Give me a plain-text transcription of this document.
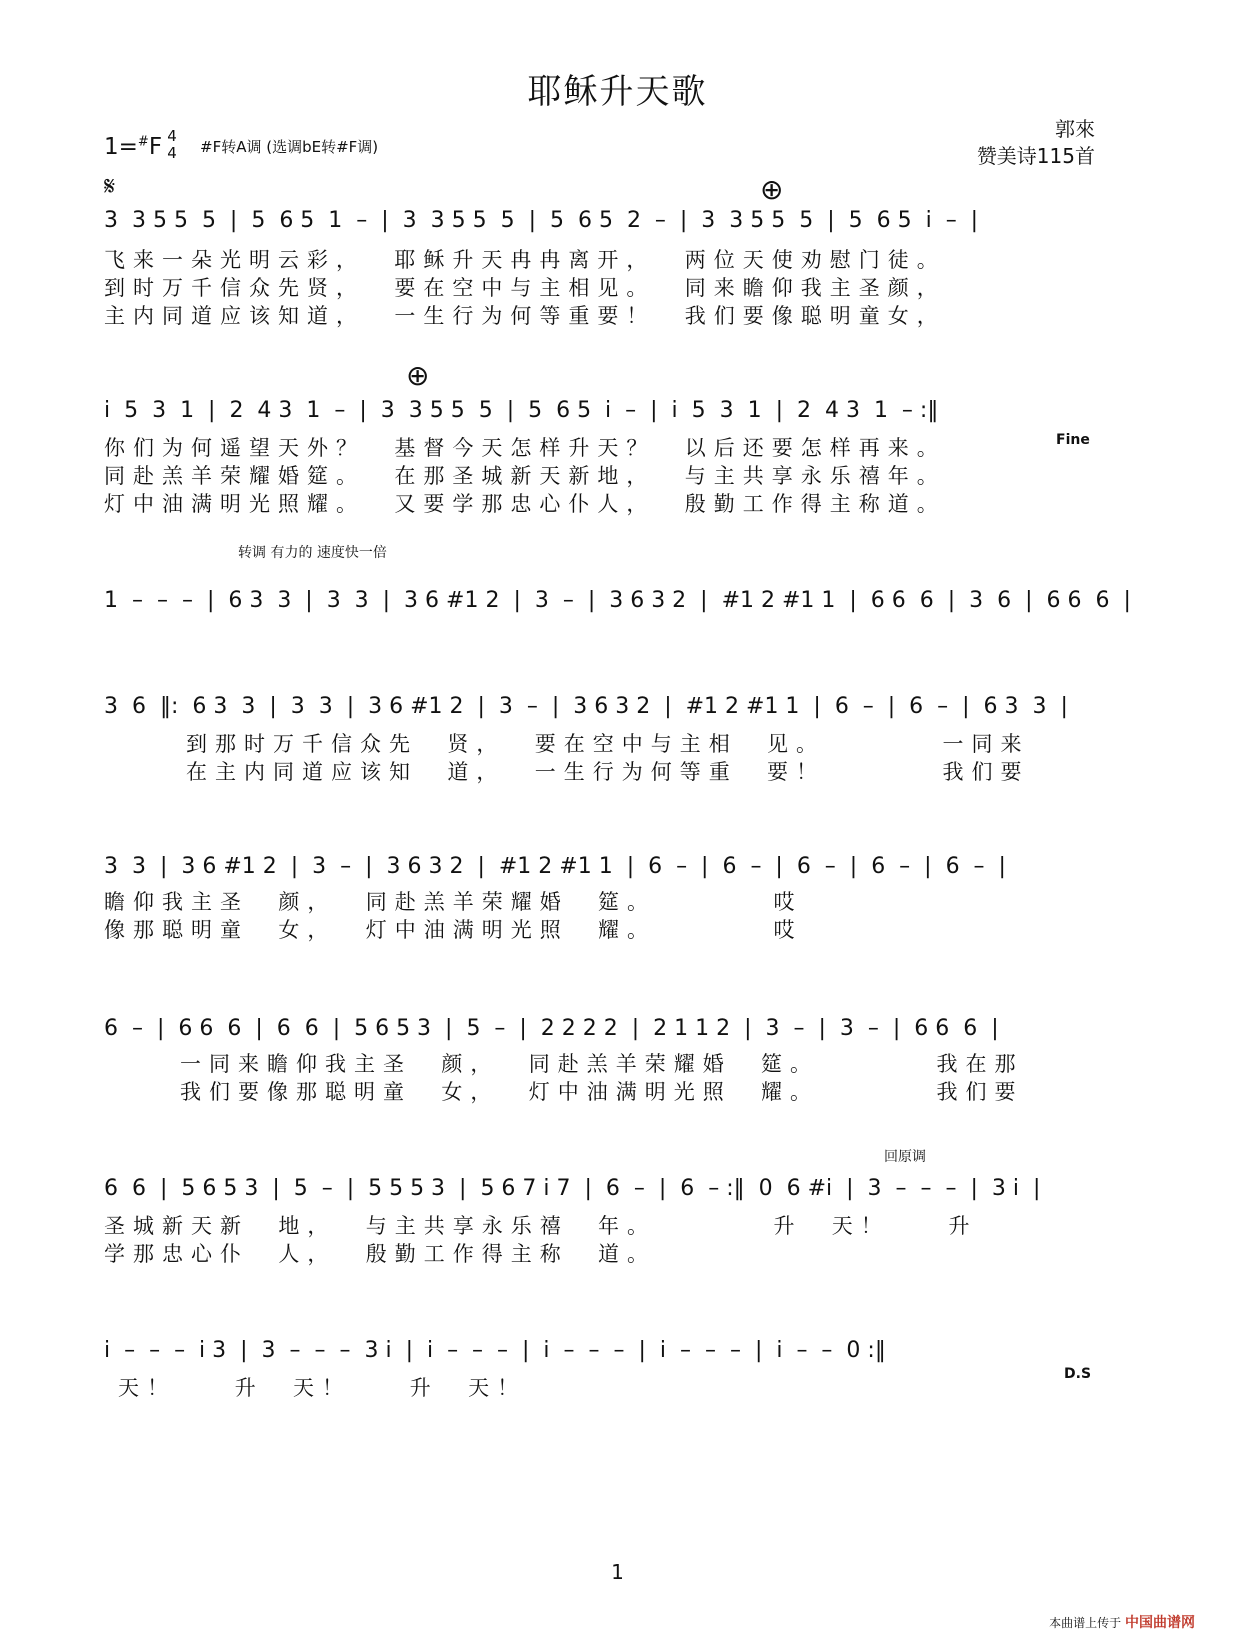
耶稣升天歌
1=#F 4
4 #F转A调 (选调bE转#F调)
郭來
赞美诗115首
𝄋	⊕
⊕
3  3 5 5  5  |  5  6 5  1  –  |  3  3 5 5  5  |  5  6 5  2  –  |  3  3 5 5  5  |  5  6 5  i  –  |
飞来一朵光明云彩，  耶稣升天冉冉离开，  两位天使劝慰门徒。
到时万千信众先贤，  要在空中与主相见。  同来瞻仰我主圣颜，
主内同道应该知道，  一生行为何等重要！  我们要像聪明童女，
i  5  3  1  |  2  4 3  1  –  |  3  3 5 5  5  |  5  6 5  i  –  |  i  5  3  1  |  2  4 3  1  – :‖
Fine
你们为何遥望天外？  基督今天怎样升天？  以后还要怎样再来。
同赴羔羊荣耀婚筵。  在那圣城新天新地，  与主共享永乐禧年。
灯中油满明光照耀。  又要学那忠心仆人，  殷勤工作得主称道。
转调 有力的 速度快一倍
1  –  –  –  |  6 3  3  |  3  3  |  3 6 #1 2  |  3  –  |  3 6 3 2  |  #1 2 #1 1  |  6 6  6  |  3  6  |  6 6  6  |
3  6  ‖:  6 3  3  |  3  3  |  3 6 #1 2  |  3  –  |  3 6 3 2  |  #1 2 #1 1  |  6  –  |  6  –  |  6 3  3  |
到那时万千信众先  贤，  要在空中与主相  见。        一同来
在主内同道应该知  道，  一生行为何等重  要！        我们要
3  3  |  3 6 #1 2  |  3  –  |  3 6 3 2  |  #1 2 #1 1  |  6  –  |  6  –  |  6  –  |  6  –  |  6  –  |
瞻仰我主圣  颜，  同赴羔羊荣耀婚  筵。        哎
像那聪明童  女，  灯中油满明光照  耀。        哎
6  –  |  6 6  6  |  6  6  |  5 6 5 3  |  5  –  |  2 2 2 2  |  2 1 1 2  |  3  –  |  3  –  |  6 6  6  |
一同来瞻仰我主圣  颜，  同赴羔羊荣耀婚  筵。        我在那
我们要像那聪明童  女，  灯中油满明光照  耀。        我们要
回原调
6  6  |  5 6 5 3  |  5  –  |  5 5 5 3  |  5 6 7 i 7  |  6  –  |  6  – :‖  0  6 #i  |  3  –  –  –  |  3 i  |
圣城新天新  地，  与主共享永乐禧  年。        升  天！    升
学那忠心仆  人，  殷勤工作得主称  道。
i  –  –  –  i 3  |  3  –  –  –  3 i  |  i  –  –  –  |  i  –  –  –  |  i  –  –  –  |  i  –  –  0 :‖
D.S
天！    升  天！    升  天！
1
本曲谱上传于 中国曲谱网
